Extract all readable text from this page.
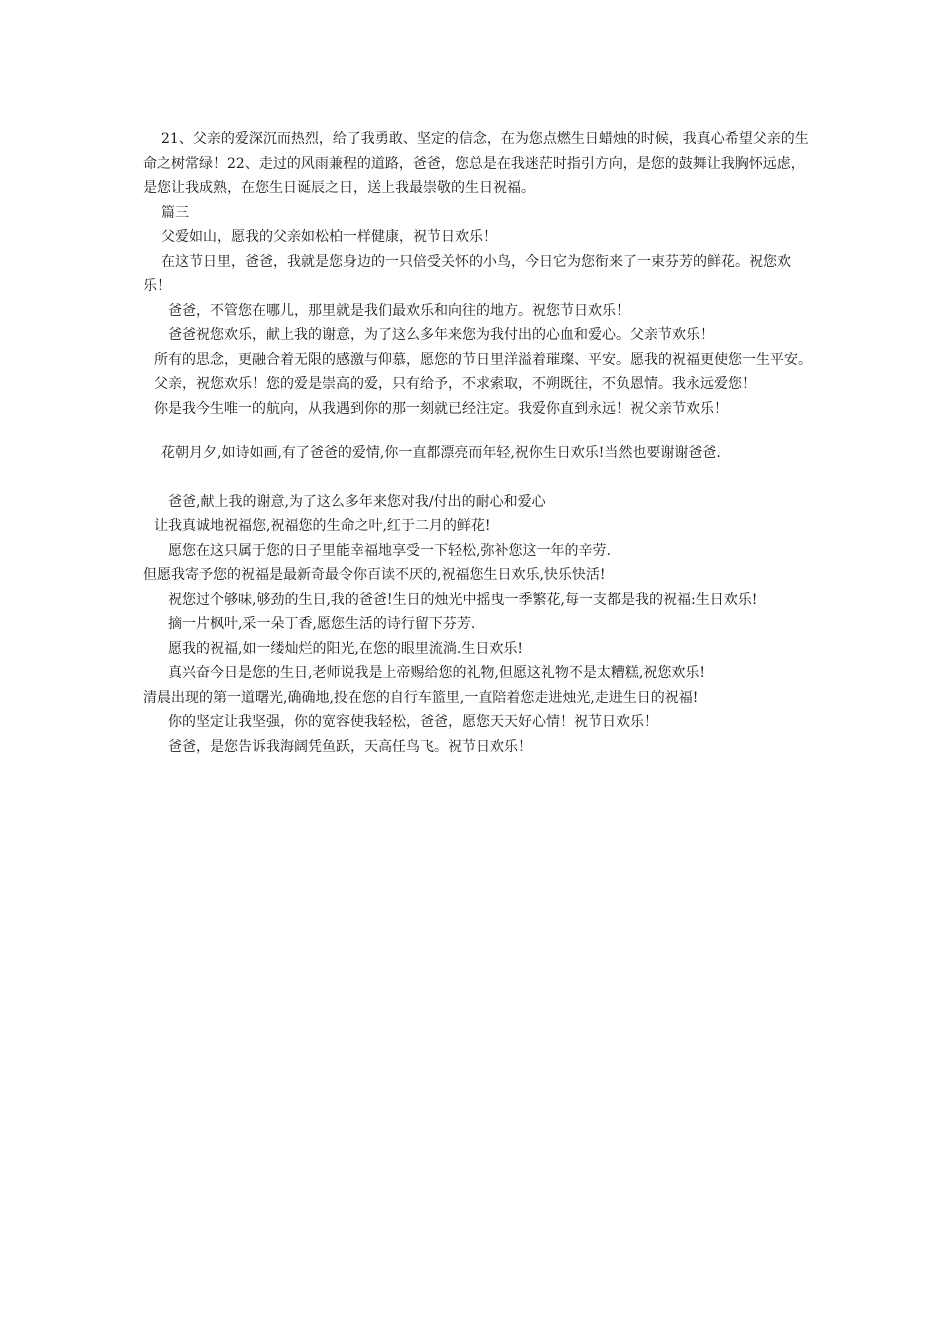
21、父亲的爱深沉而热烈，给了我勇敢、坚定的信念，在为您点燃生日蜡烛的时候，我真心希望父亲的生命之树常绿！22、走过的风雨兼程的道路，爸爸，您总是在我迷茫时指引方向，是您的鼓舞让我胸怀远虑，是您让我成熟，在您生日诞辰之日，送上我最崇敬的生日祝福。

篇三

父爱如山，愿我的父亲如松柏一样健康，祝节日欢乐！

在这节日里，爸爸，我就是您身边的一只倍受关怀的小鸟，今日它为您衔来了一束芬芳的鲜花。祝您欢乐！

爸爸，不管您在哪儿，那里就是我们最欢乐和向往的地方。祝您节日欢乐！

爸爸祝您欢乐，献上我的谢意，为了这么多年来您为我付出的心血和爱心。父亲节欢乐！

所有的思念，更融合着无限的感激与仰慕，愿您的节日里洋溢着璀璨、平安。愿我的祝福更使您一生平安。

父亲，祝您欢乐！您的爱是崇高的爱，只有给予，不求索取，不朔既往，不负恩情。我永远爱您！

你是我今生唯一的航向，从我遇到你的那一刻就已经注定。我爱你直到永远！祝父亲节欢乐！

花朝月夕,如诗如画,有了爸爸的爱情,你一直都漂亮而年轻,祝你生日欢乐!当然也要谢谢爸爸.

爸爸,献上我的谢意,为了这么多年来您对我/付出的耐心和爱心

让我真诚地祝福您,祝福您的生命之叶,红于二月的鲜花!

愿您在这只属于您的日子里能幸福地享受一下轻松,弥补您这一年的辛劳.

但愿我寄予您的祝福是最新奇最令你百读不厌的,祝福您生日欢乐,快乐快活!

祝您过个够味,够劲的生日,我的爸爸!生日的烛光中摇曳一季繁花,每一支都是我的祝福:生日欢乐!

摘一片枫叶,采一朵丁香,愿您生活的诗行留下芬芳.

愿我的祝福,如一缕灿烂的阳光,在您的眼里流淌.生日欢乐!

真兴奋今日是您的生日,老师说我是上帝赐给您的礼物,但愿这礼物不是太糟糕,祝您欢乐!

清晨出现的第一道曙光,确确地,投在您的自行车篮里,一直陪着您走进烛光,走进生日的祝福!

你的坚定让我坚强，你的宽容使我轻松，爸爸，愿您天天好心情！祝节日欢乐！

爸爸，是您告诉我海阔凭鱼跃，天高任鸟飞。祝节日欢乐！
